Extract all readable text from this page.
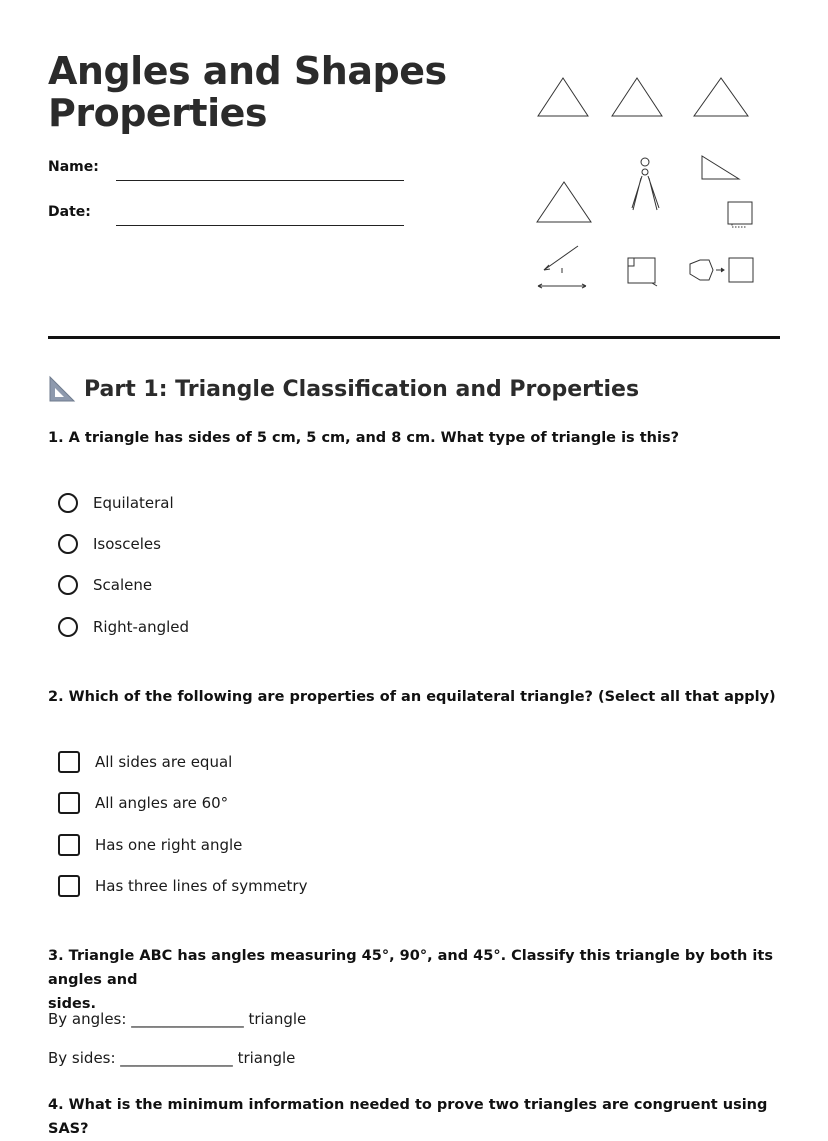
Angles and Shapes
Properties
Name:
Date:
Part 1: Triangle Classification and Properties
1. A triangle has sides of 5 cm, 5 cm, and 8 cm. What type of triangle is this?
Equilateral
Isosceles
Scalene
Right-angled
2. Which of the following are properties of an equilateral triangle? (Select all that apply)
All sides are equal
All angles are 60°
Has one right angle
Has three lines of symmetry
3. Triangle ABC has angles measuring 45°, 90°, and 45°. Classify this triangle by both its angles and
sides.
By angles: _______________ triangle
By sides: _______________ triangle
4. What is the minimum information needed to prove two triangles are congruent using SAS?
